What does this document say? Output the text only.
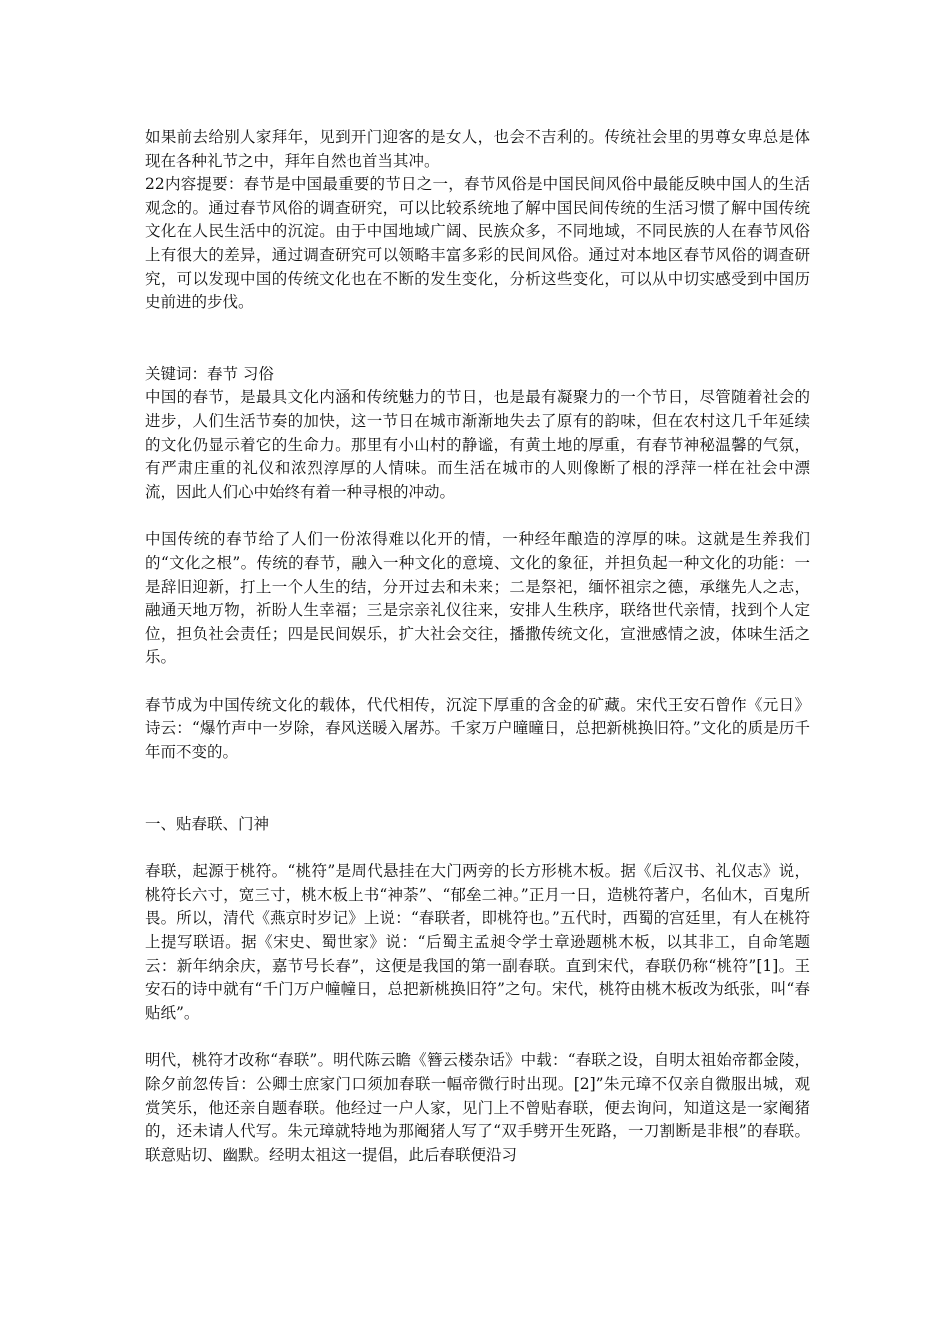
如果前去给别人家拜年，见到开门迎客的是女人，也会不吉利的。传统社会里的男尊女卑总是体现在各种礼节之中，拜年自然也首当其冲。

22内容提要：春节是中国最重要的节日之一，春节风俗是中国民间风俗中最能反映中国人的生活观念的。通过春节风俗的调查研究，可以比较系统地了解中国民间传统的生活习惯了解中国传统文化在人民生活中的沉淀。由于中国地域广阔、民族众多，不同地域，不同民族的人在春节风俗上有很大的差异，通过调查研究可以领略丰富多彩的民间风俗。通过对本地区春节风俗的调查研究，可以发现中国的传统文化也在不断的发生变化，分析这些变化，可以从中切实感受到中国历史前进的步伐。

关键词：春节 习俗

中国的春节，是最具文化内涵和传统魅力的节日，也是最有凝聚力的一个节日，尽管随着社会的进步，人们生活节奏的加快，这一节日在城市渐渐地失去了原有的韵味，但在农村这几千年延续的文化仍显示着它的生命力。那里有小山村的静谧，有黄土地的厚重，有春节神秘温馨的气氛，有严肃庄重的礼仪和浓烈淳厚的人情味。而生活在城市的人则像断了根的浮萍一样在社会中漂流，因此人们心中始终有着一种寻根的冲动。

中国传统的春节给了人们一份浓得难以化开的情，一种经年酿造的淳厚的味。这就是生养我们的“文化之根”。传统的春节，融入一种文化的意境、文化的象征，并担负起一种文化的功能：一是辞旧迎新，打上一个人生的结，分开过去和未来；二是祭祀，缅怀祖宗之德，承继先人之志，融通天地万物，祈盼人生幸福；三是宗亲礼仪往来，安排人生秩序，联络世代亲情，找到个人定位，担负社会责任；四是民间娱乐，扩大社会交往，播撒传统文化，宣泄感情之波，体味生活之乐。

春节成为中国传统文化的载体，代代相传，沉淀下厚重的含金的矿藏。宋代王安石曾作《元日》诗云：“爆竹声中一岁除，春风送暖入屠苏。千家万户曈曈日，总把新桃换旧符。”文化的质是历千年而不变的。

一、贴春联、门神

春联，起源于桃符。“桃符”是周代悬挂在大门两旁的长方形桃木板。据《后汉书、礼仪志》说，桃符长六寸，宽三寸，桃木板上书“神荼”、“郁垒二神。”正月一日，造桃符著户，名仙木，百鬼所畏。所以，清代《燕京时岁记》上说：“春联者，即桃符也。”五代时，西蜀的宫廷里，有人在桃符上提写联语。据《宋史、蜀世家》说：“后蜀主孟昶令学士章逊题桃木板，以其非工，自命笔题云：新年纳余庆，嘉节号长春”，这便是我国的第一副春联。直到宋代，春联仍称“桃符”[1]。王安石的诗中就有“千门万户幢幢日，总把新桃换旧符”之句。宋代，桃符由桃木板改为纸张，叫“春贴纸”。

明代，桃符才改称“春联”。明代陈云瞻《簪云楼杂话》中载：“春联之设，自明太祖始帝都金陵，除夕前忽传旨：公卿士庶家门口须加春联一幅帝微行时出现。[2]”朱元璋不仅亲自微服出城，观赏笑乐，他还亲自题春联。他经过一户人家，见门上不曾贴春联，便去询问，知道这是一家阉猪的，还未请人代写。朱元璋就特地为那阉猪人写了“双手劈开生死路，一刀割断是非根”的春联。联意贴切、幽默。经明太祖这一提倡，此后春联便沿习
